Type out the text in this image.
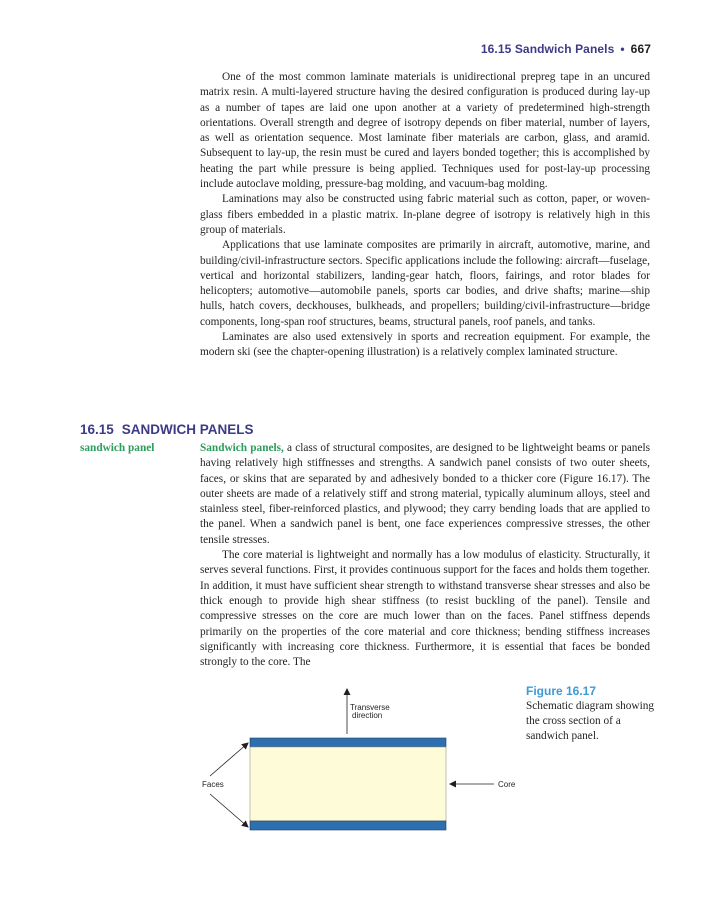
16.15 Sandwich Panels • 667

One of the most common laminate materials is unidirectional prepreg tape in an uncured matrix resin. A multi-layered structure having the desired configuration is produced during lay-up as a number of tapes are laid one upon another at a variety of predetermined high-strength orientations. Overall strength and degree of isotropy depends on fiber material, number of layers, as well as orientation sequence. Most laminate fiber materials are carbon, glass, and aramid. Subsequent to lay-up, the resin must be cured and layers bonded together; this is accomplished by heating the part while pressure is being applied. Techniques used for post-lay-up processing include autoclave molding, pressure-bag molding, and vacuum-bag molding.

Laminations may also be constructed using fabric material such as cotton, paper, or woven-glass fibers embedded in a plastic matrix. In-plane degree of isotropy is relatively high in this group of materials.

Applications that use laminate composites are primarily in aircraft, automotive, marine, and building/civil-infrastructure sectors. Specific applications include the following: aircraft—fuselage, vertical and horizontal stabilizers, landing-gear hatch, floors, fairings, and rotor blades for helicopters; automotive—automobile panels, sports car bodies, and drive shafts; marine—ship hulls, hatch covers, deckhouses, bulkheads, and propellers; building/civil-infrastructure—bridge components, long-span roof structures, beams, structural panels, roof panels, and tanks.

Laminates are also used extensively in sports and recreation equipment. For example, the modern ski (see the chapter-opening illustration) is a relatively complex laminated structure.

16.15 SANDWICH PANELS
sandwich panel	Sandwich panels, a class of structural composites, are designed to be lightweight beams or panels having relatively high stiffnesses and strengths. A sandwich panel consists of two outer sheets, faces, or skins that are separated by and adhesively bonded to a thicker core (Figure 16.17). The outer sheets are made of a relatively stiff and strong material, typically aluminum alloys, steel and stainless steel, fiber-reinforced plastics, and plywood; they carry bending loads that are applied to the panel. When a sandwich panel is bent, one face experiences compressive stresses, the other tensile stresses.

The core material is lightweight and normally has a low modulus of elasticity. Structurally, it serves several functions. First, it provides continuous support for the faces and holds them together. In addition, it must have sufficient shear strength to withstand transverse shear stresses and also be thick enough to provide high shear stiffness (to resist buckling of the panel). Tensile and compressive stresses on the core are much lower than on the faces. Panel stiffness depends primarily on the properties of the core material and core thickness; bending stiffness increases significantly with increasing core thickness. Furthermore, it is essential that faces be bonded strongly to the core. The

Transverse
direction
Faces	Core
Figure 16.17
Schematic diagram showing the cross section of a sandwich panel.
